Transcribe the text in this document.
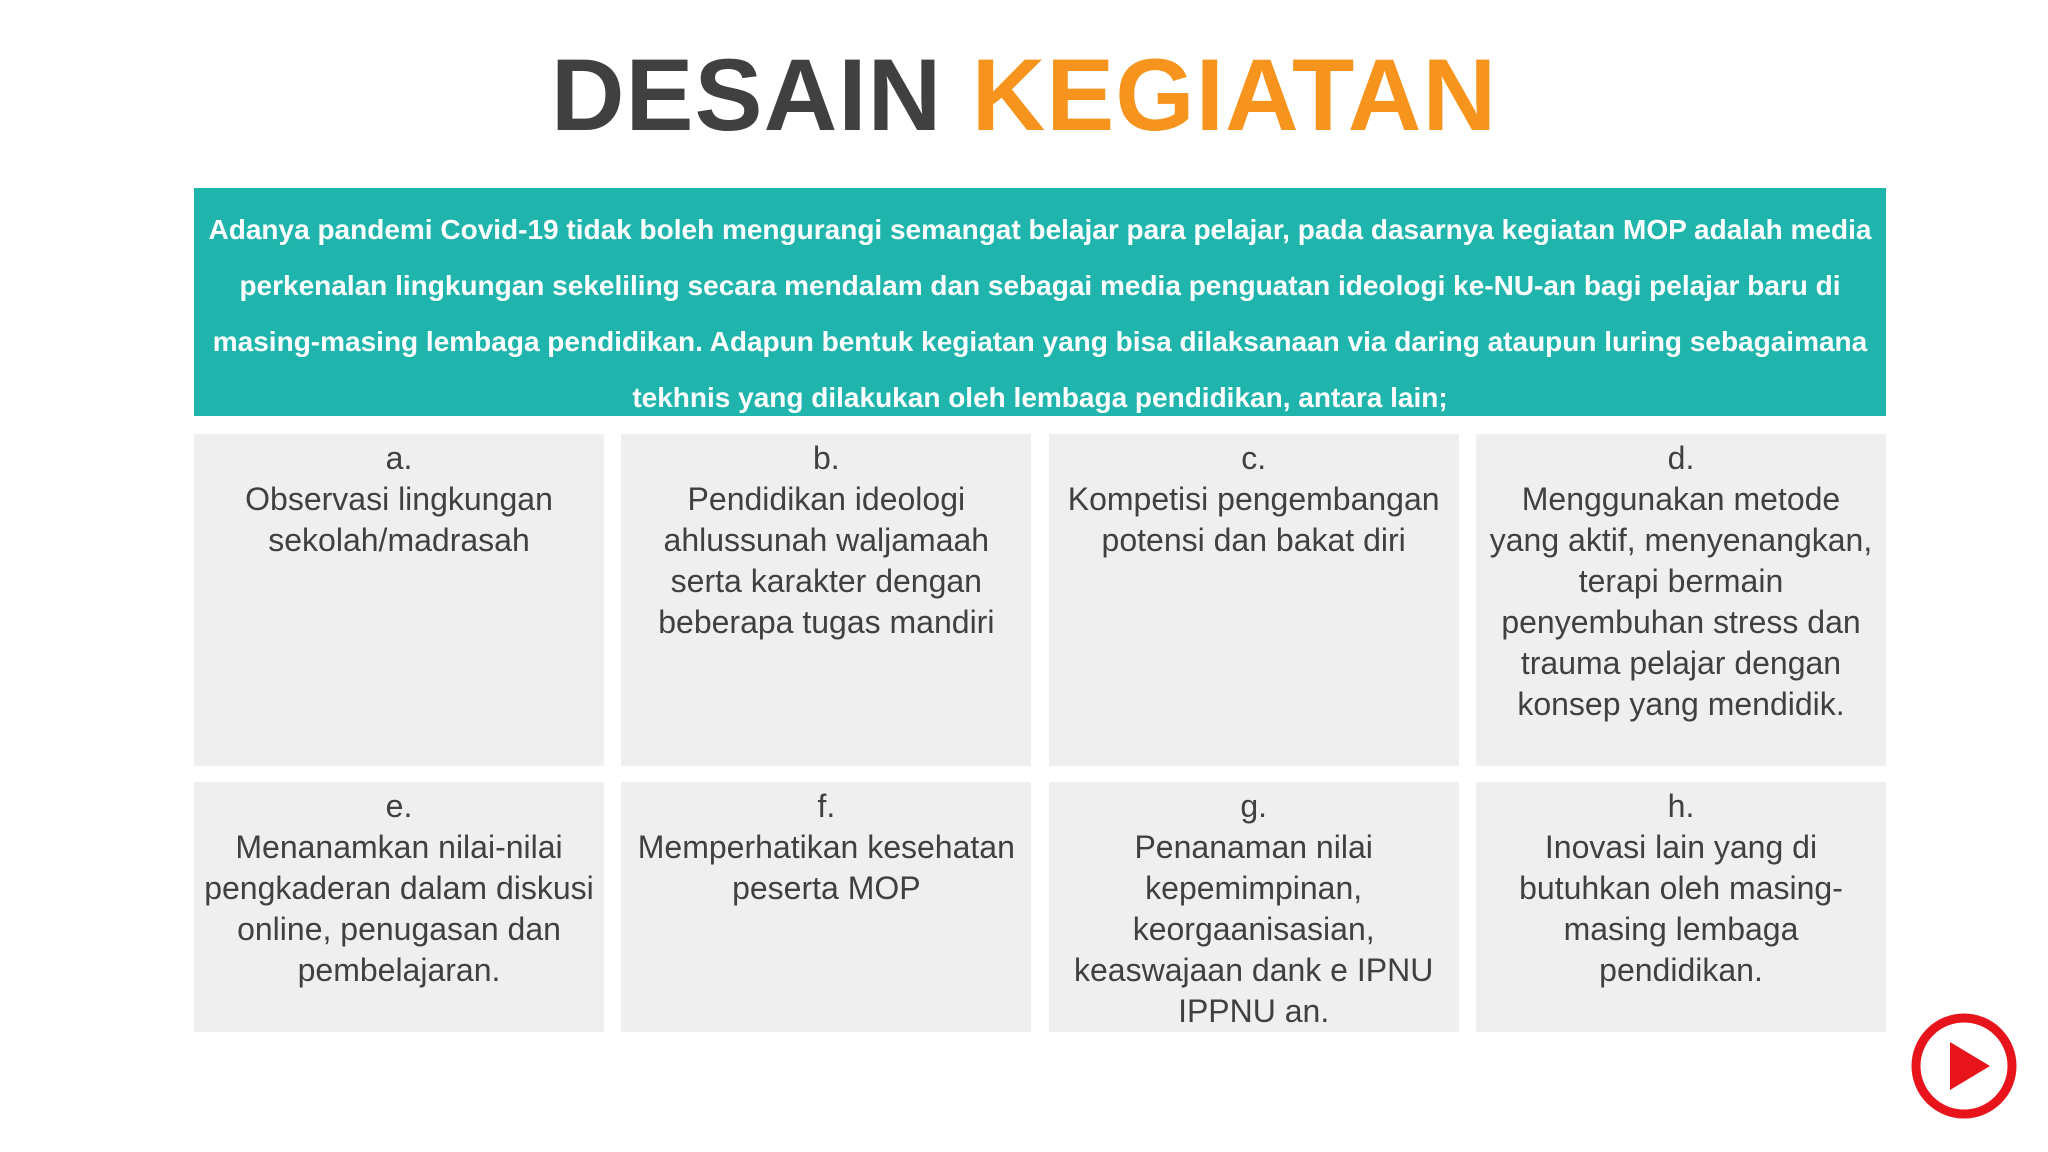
DESAIN KEGIATAN
Adanya pandemi Covid-19 tidak boleh mengurangi semangat belajar para pelajar, pada dasarnya kegiatan MOP adalah media perkenalan lingkungan sekeliling secara mendalam dan sebagai media penguatan ideologi ke-NU-an bagi pelajar baru di masing-masing lembaga pendidikan. Adapun bentuk kegiatan yang bisa dilaksanaan via daring ataupun luring sebagaimana tekhnis yang dilakukan oleh lembaga pendidikan, antara lain;
a.
Observasi lingkungan sekolah/madrasah
b.
Pendidikan ideologi ahlussunah waljamaah serta karakter dengan beberapa tugas mandiri
c.
Kompetisi pengembangan potensi dan bakat diri
d.
Menggunakan metode yang aktif, menyenangkan, terapi bermain penyembuhan stress dan trauma pelajar dengan konsep yang mendidik.
e.
Menanamkan nilai-nilai pengkaderan dalam diskusi online, penugasan dan pembelajaran.
f.
Memperhatikan kesehatan peserta MOP
g.
Penanaman nilai kepemimpinan, keorgaanisasian, keaswajaan dank e IPNU IPPNU an.
h.
Inovasi lain yang di butuhkan oleh masing-masing lembaga pendidikan.
